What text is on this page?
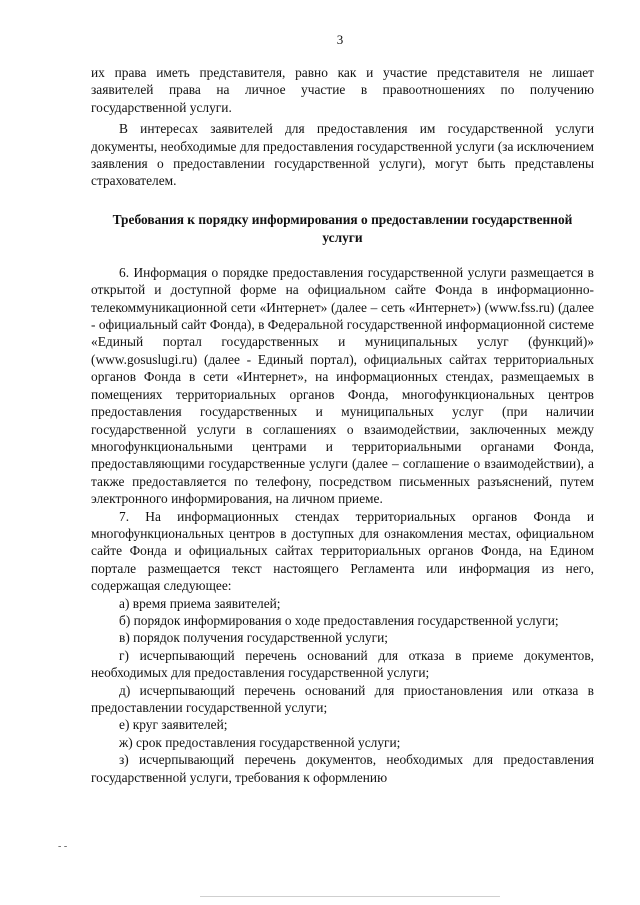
3

их права иметь представителя, равно как и участие представителя не лишает заявителей права на личное участие в правоотношениях по получению государственной услуги.

В интересах заявителей для предоставления им государственной услуги документы, необходимые для предоставления государственной услуги (за исключением заявления о предоставлении государственной услуги), могут быть представлены страхователем.

Требования к порядку информирования о предоставлении государственной услуги

6. Информация о порядке предоставления государственной услуги размещается в открытой и доступной форме на официальном сайте Фонда в информационно-телекоммуникационной сети «Интернет» (далее – сеть «Интернет») (www.fss.ru) (далее - официальный сайт Фонда), в Федеральной государственной информационной системе «Единый портал государственных и муниципальных услуг (функций)» (www.gosuslugi.ru) (далее - Единый портал), официальных сайтах территориальных органов Фонда в сети «Интернет», на информационных стендах, размещаемых в помещениях территориальных органов Фонда, многофункциональных центров предоставления государственных и муниципальных услуг (при наличии государственной услуги в соглашениях о взаимодействии, заключенных между многофункциональными центрами и территориальными органами Фонда, предоставляющими государственные услуги (далее – соглашение о взаимодействии), а также предоставляется по телефону, посредством письменных разъяснений, путем электронного информирования, на личном приеме.

7. На информационных стендах территориальных органов Фонда и многофункциональных центров в доступных для ознакомления местах, официальном сайте Фонда и официальных сайтах территориальных органов Фонда, на Едином портале размещается текст настоящего Регламента или информация из него, содержащая следующее:

а) время приема заявителей;

б) порядок информирования о ходе предоставления государственной услуги;

в) порядок получения государственной услуги;

г) исчерпывающий перечень оснований для отказа в приеме документов, необходимых для предоставления государственной услуги;

д) исчерпывающий перечень оснований для приостановления или отказа в предоставлении государственной услуги;

е) круг заявителей;

ж) срок предоставления государственной услуги;

з) исчерпывающий перечень документов, необходимых для предоставления государственной услуги, требования к оформлению

- -
